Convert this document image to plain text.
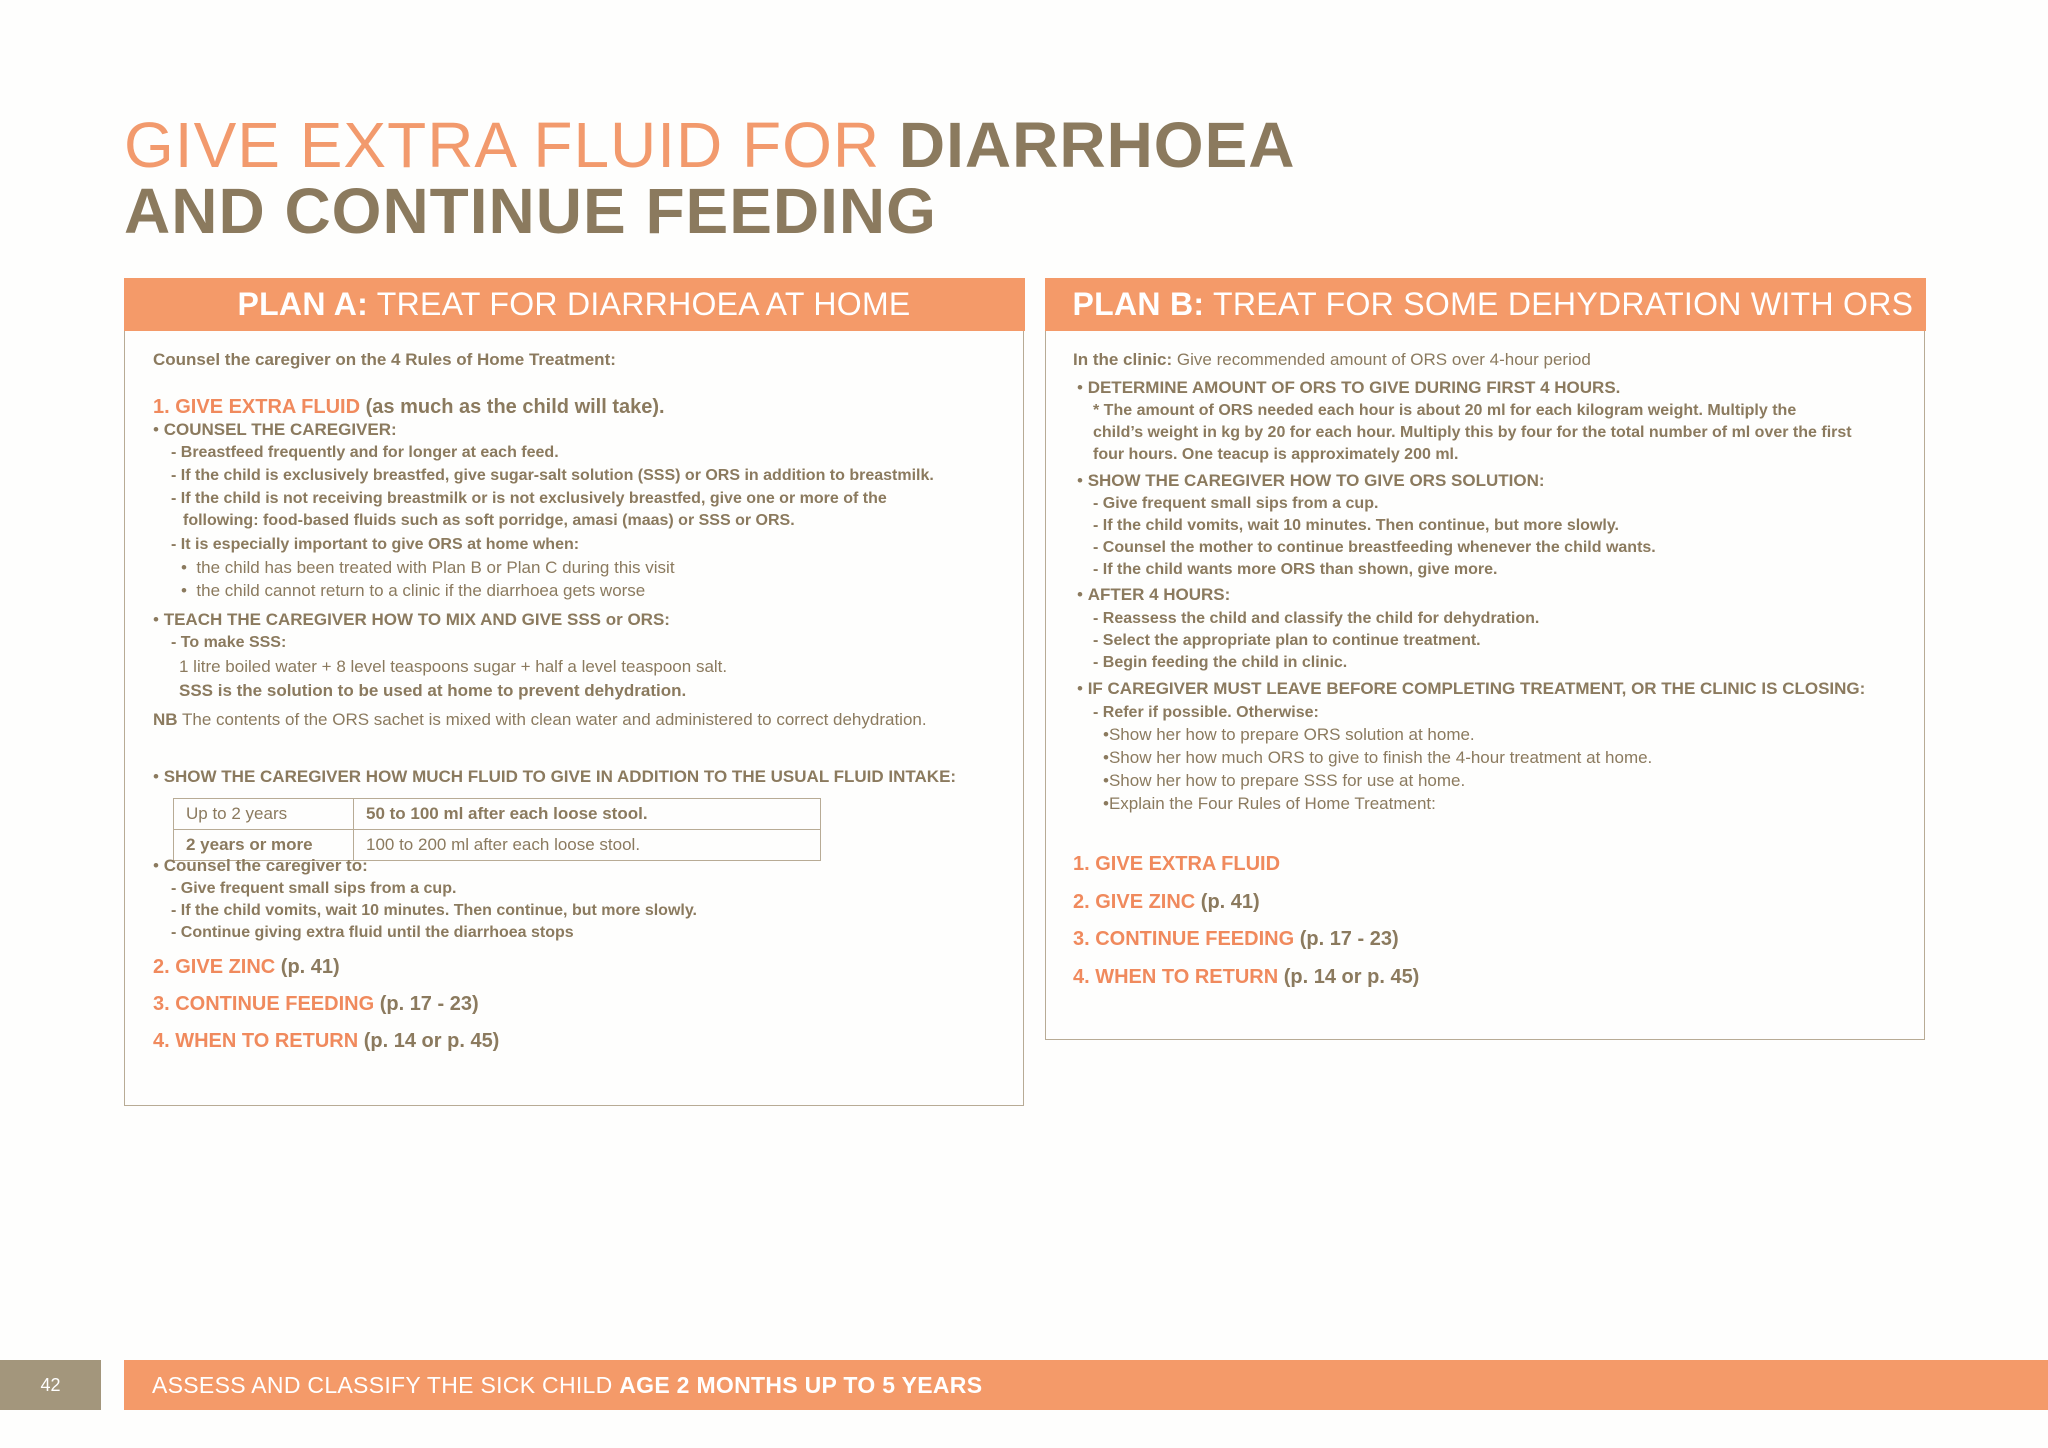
GIVE EXTRA FLUID FOR DIARRHOEA
AND CONTINUE FEEDING
PLAN A: TREAT FOR DIARRHOEA AT HOME
Counsel the caregiver on the 4 Rules of Home Treatment:
1. GIVE EXTRA FLUID (as much as the child will take).
• COUNSEL THE CAREGIVER:
- Breastfeed frequently and for longer at each feed.
- If the child is exclusively breastfed, give sugar-salt solution (SSS) or ORS in addition to breastmilk.
- If the child is not receiving breastmilk or is not exclusively breastfed, give one or more of the
following: food-based fluids such as soft porridge, amasi (maas) or SSS or ORS.
- It is especially important to give ORS at home when:
•  the child has been treated with Plan B or Plan C during this visit
•  the child cannot return to a clinic if the diarrhoea gets worse
• TEACH THE CAREGIVER HOW TO MIX AND GIVE SSS or ORS:
- To make SSS:
1 litre boiled water + 8 level teaspoons sugar + half a level teaspoon salt.
SSS is the solution to be used at home to prevent dehydration.
NB The contents of the ORS sachet is mixed with clean water and administered to correct dehydration.
• SHOW THE CAREGIVER HOW MUCH FLUID TO GIVE IN ADDITION TO THE USUAL FLUID INTAKE:
Up to 2 years	50 to 100 ml after each loose stool.
2 years or more	100 to 200 ml after each loose stool.
• Counsel the caregiver to:
- Give frequent small sips from a cup.
- If the child vomits, wait 10 minutes. Then continue, but more slowly.
- Continue giving extra fluid until the diarrhoea stops
2. GIVE ZINC (p. 41)
3. CONTINUE FEEDING (p. 17 - 23)
4. WHEN TO RETURN (p. 14 or p. 45)
PLAN B: TREAT FOR SOME DEHYDRATION WITH ORS
In the clinic: Give recommended amount of ORS over 4-hour period
• DETERMINE AMOUNT OF ORS TO GIVE DURING FIRST 4 HOURS.
* The amount of ORS needed each hour is about 20 ml for each kilogram weight. Multiply the
child’s weight in kg by 20 for each hour. Multiply this by four for the total number of ml over the first
four hours. One teacup is approximately 200 ml.
• SHOW THE CAREGIVER HOW TO GIVE ORS SOLUTION:
- Give frequent small sips from a cup.
- If the child vomits, wait 10 minutes. Then continue, but more slowly.
- Counsel the mother to continue breastfeeding whenever the child wants.
- If the child wants more ORS than shown, give more.
• AFTER 4 HOURS:
- Reassess the child and classify the child for dehydration.
- Select the appropriate plan to continue treatment.
- Begin feeding the child in clinic.
• IF CAREGIVER MUST LEAVE BEFORE COMPLETING TREATMENT, OR THE CLINIC IS CLOSING:
- Refer if possible. Otherwise:
•Show her how to prepare ORS solution at home.
•Show her how much ORS to give to finish the 4-hour treatment at home.
•Show her how to prepare SSS for use at home.
•Explain the Four Rules of Home Treatment:
1. GIVE EXTRA FLUID
2. GIVE ZINC (p. 41)
3. CONTINUE FEEDING (p. 17 - 23)
4. WHEN TO RETURN (p. 14 or p. 45)
42	ASSESS AND CLASSIFY THE SICK CHILD AGE 2 MONTHS UP TO 5 YEARS
